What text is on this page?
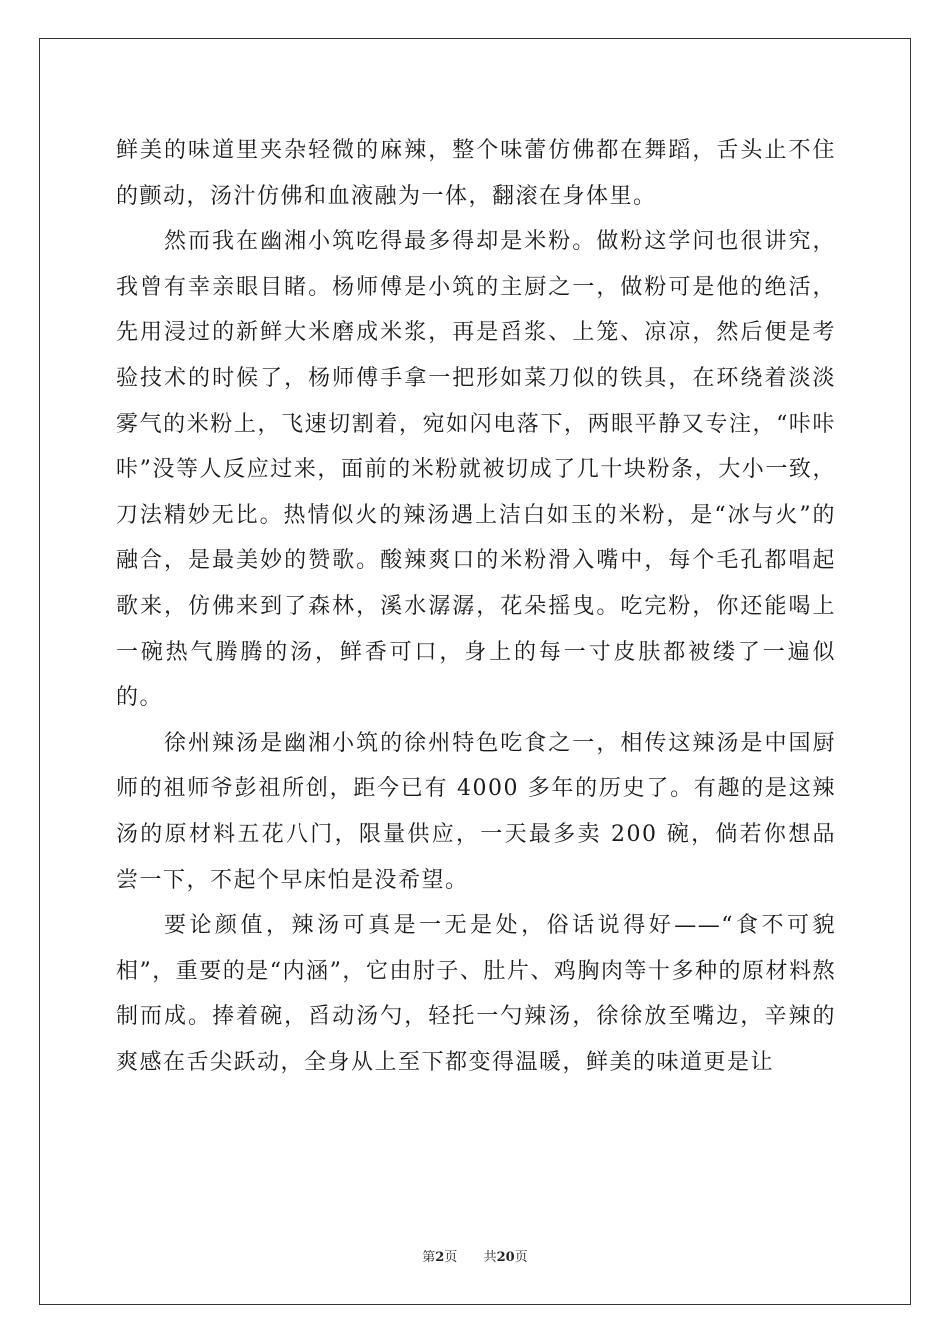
鲜美的味道里夹杂轻微的麻辣，整个味蕾仿佛都在舞蹈，舌头止不住的颤动，汤汁仿佛和血液融为一体，翻滚在身体里。

然而我在幽湘小筑吃得最多得却是米粉。做粉这学问也很讲究，我曾有幸亲眼目睹。杨师傅是小筑的主厨之一，做粉可是他的绝活，先用浸过的新鲜大米磨成米浆，再是舀浆、上笼、凉凉，然后便是考验技术的时候了，杨师傅手拿一把形如菜刀似的铁具，在环绕着淡淡雾气的米粉上，飞速切割着，宛如闪电落下，两眼平静又专注，“咔咔咔”没等人反应过来，面前的米粉就被切成了几十块粉条，大小一致，刀法精妙无比。热情似火的辣汤遇上洁白如玉的米粉，是“冰与火”的融合，是最美妙的赞歌。酸辣爽口的米粉滑入嘴中，每个毛孔都唱起歌来，仿佛来到了森林，溪水潺潺，花朵摇曳。吃完粉，你还能喝上一碗热气腾腾的汤，鲜香可口，身上的每一寸皮肤都被缕了一遍似的。

徐州辣汤是幽湘小筑的徐州特色吃食之一，相传这辣汤是中国厨师的祖师爷彭祖所创，距今已有 4000 多年的历史了。有趣的是这辣汤的原材料五花八门，限量供应，一天最多卖 200 碗，倘若你想品尝一下，不起个早床怕是没希望。

要论颜值，辣汤可真是一无是处，俗话说得好——“食不可貌相”，重要的是“内涵”，它由肘子、肚片、鸡胸肉等十多种的原材料熬制而成。捧着碗，舀动汤勺，轻托一勺辣汤，徐徐放至嘴边，辛辣的爽感在舌尖跃动，全身从上至下都变得温暖，鲜美的味道更是让

第2页 共20页
